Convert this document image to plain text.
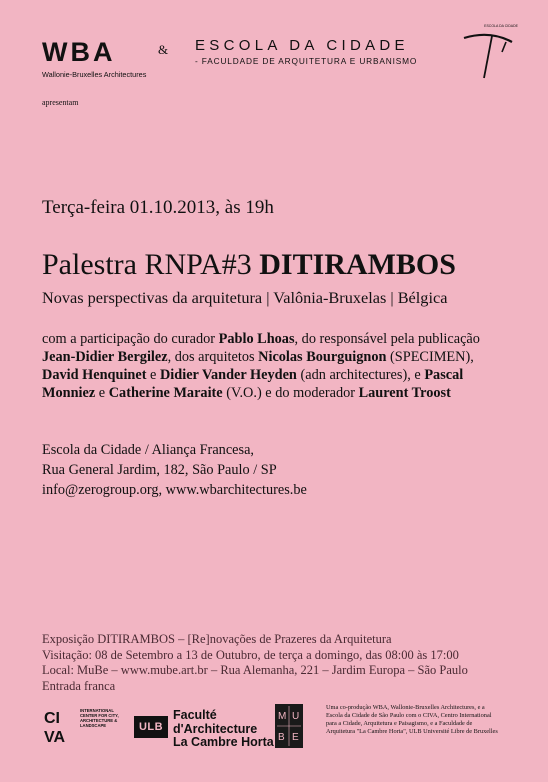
WBA
Wallonie-Bruxelles Architectures
& ESCOLA DA CIDADE
- FACULDADE DE ARQUITETURA E URBANISMO
ESCOLA DA CIDADE
apresentam
Terça-feira 01.10.2013, às 19h
Palestra RNPA#3 DITIRAMBOS
Novas perspectivas da arquitetura | Valônia-Bruxelas | Bélgica
com a participação do curador Pablo Lhoas, do responsável pela publicação
Jean-Didier Bergilez, dos arquitetos Nicolas Bourguignon (SPECIMEN),
David Henquinet e Didier Vander Heyden (adn architectures), e Pascal
Monniez e Catherine Maraite (V.O.) e do moderador Laurent Troost
Escola da Cidade / Aliança Francesa,
Rua General Jardim, 182, São Paulo / SP
info@zerogroup.org, www.wbarchitectures.be
Exposição DITIRAMBOS – [Re]novações de Prazeres da Arquitetura
Visitação: 08 de Setembro a 13 de Outubro, de terça a domingo, das 08:00 às 17:00
Local: MuBe – www.mube.art.br – Rua Alemanha, 221 – Jardim Europa – São Paulo
Entrada franca
CI
VA
INTERNATIONAL CENTER FOR CITY, ARCHITECTURE & LANDSCAPE	ULB
Faculté
d'Architecture
La Cambre Horta
M U
B E
Uma co-produção WBA, Wallonie-Bruxelles Architectures, e a
Escola da Cidade de São Paulo com o CIVA, Centro International
para a Cidade, Arquitetura e Paisagismo, e a Faculdade de
Arquitetura "La Cambre Horta", ULB Université Libre de Bruxelles
